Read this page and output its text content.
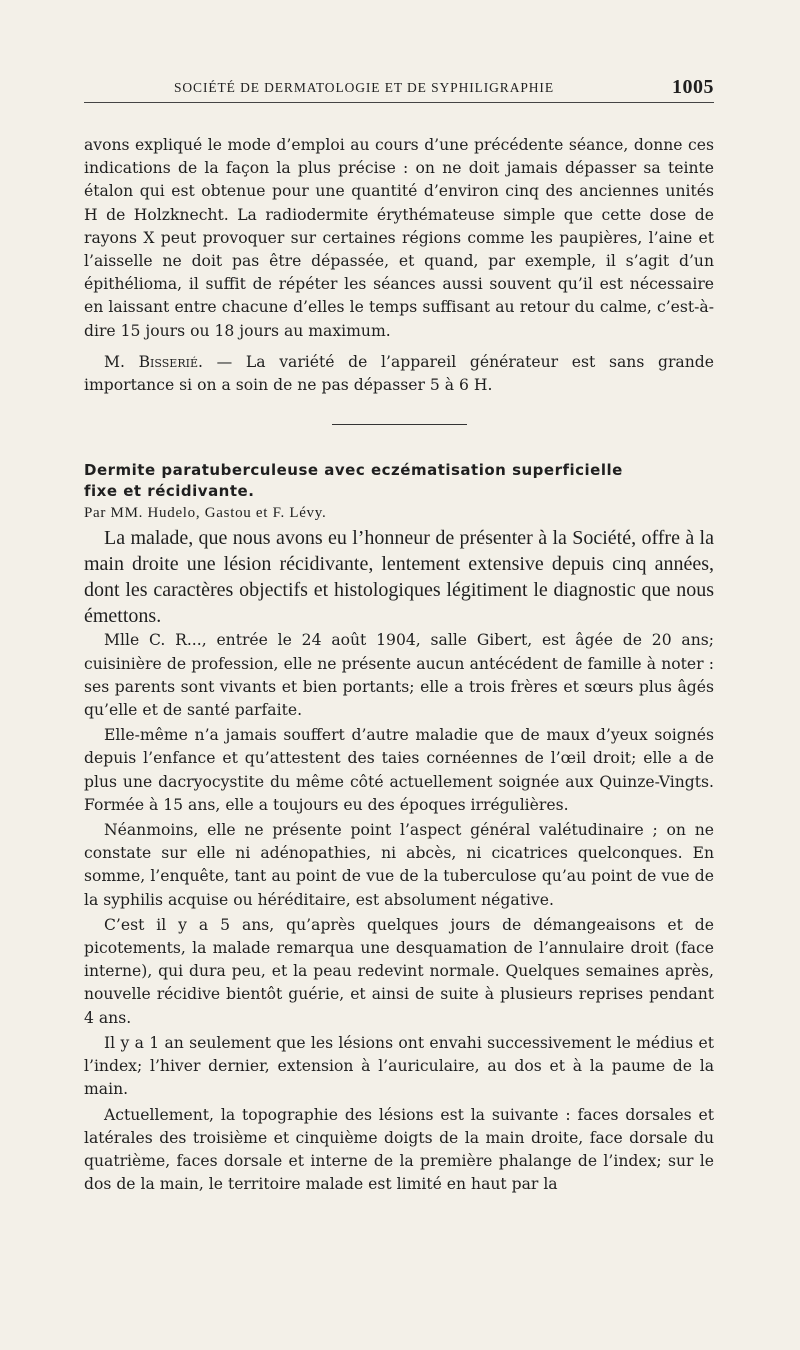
SOCIÉTÉ DE DERMATOLOGIE ET DE SYPHILIGRAPHIE	1005

avons expliqué le mode d’emploi au cours d’une précédente séance, donne ces indications de la façon la plus précise : on ne doit jamais dépasser sa teinte étalon qui est obtenue pour une quantité d’environ cinq des anciennes unités H de Holzknecht. La radiodermite érythémateuse simple que cette dose de rayons X peut provoquer sur certaines régions comme les paupières, l’aine et l’aisselle ne doit pas être dépassée, et quand, par exemple, il s’agit d’un épithélioma, il suffit de répéter les séances aussi souvent qu’il est nécessaire en laissant entre chacune d’elles le temps suffisant au retour du calme, c’est-à-dire 15 jours ou 18 jours au maximum.

M. Bisserié. — La variété de l’appareil générateur est sans grande importance si on a soin de ne pas dépasser 5 à 6 H.

Dermite paratuberculeuse avec eczématisation superficielle
fixe et récidivante.

Par MM. Hudelo, Gastou et F. Lévy.

La malade, que nous avons eu l’honneur de présenter à la Société, offre à la main droite une lésion récidivante, lentement extensive depuis cinq années, dont les caractères objectifs et histologiques légitiment le diagnostic que nous émettons.

Mlle C. R..., entrée le 24 août 1904, salle Gibert, est âgée de 20 ans; cuisinière de profession, elle ne présente aucun antécédent de famille à noter : ses parents sont vivants et bien portants; elle a trois frères et sœurs plus âgés qu’elle et de santé parfaite.

Elle-même n’a jamais souffert d’autre maladie que de maux d’yeux soignés depuis l’enfance et qu’attestent des taies cornéennes de l’œil droit; elle a de plus une dacryocystite du même côté actuellement soignée aux Quinze-Vingts. Formée à 15 ans, elle a toujours eu des époques irrégulières.

Néanmoins, elle ne présente point l’aspect général valétudinaire ; on ne constate sur elle ni adénopathies, ni abcès, ni cicatrices quelconques. En somme, l’enquête, tant au point de vue de la tuberculose qu’au point de vue de la syphilis acquise ou héréditaire, est absolument négative.

C’est il y a 5 ans, qu’après quelques jours de démangeaisons et de picotements, la malade remarqua une desquamation de l’annulaire droit (face interne), qui dura peu, et la peau redevint normale. Quelques semaines après, nouvelle récidive bientôt guérie, et ainsi de suite à plusieurs reprises pendant 4 ans.

Il y a 1 an seulement que les lésions ont envahi successivement le médius et l’index; l’hiver dernier, extension à l’auriculaire, au dos et à la paume de la main.

Actuellement, la topographie des lésions est la suivante : faces dorsales et latérales des troisième et cinquième doigts de la main droite, face dorsale du quatrième, faces dorsale et interne de la première phalange de l’index; sur le dos de la main, le territoire malade est limité en haut par la
